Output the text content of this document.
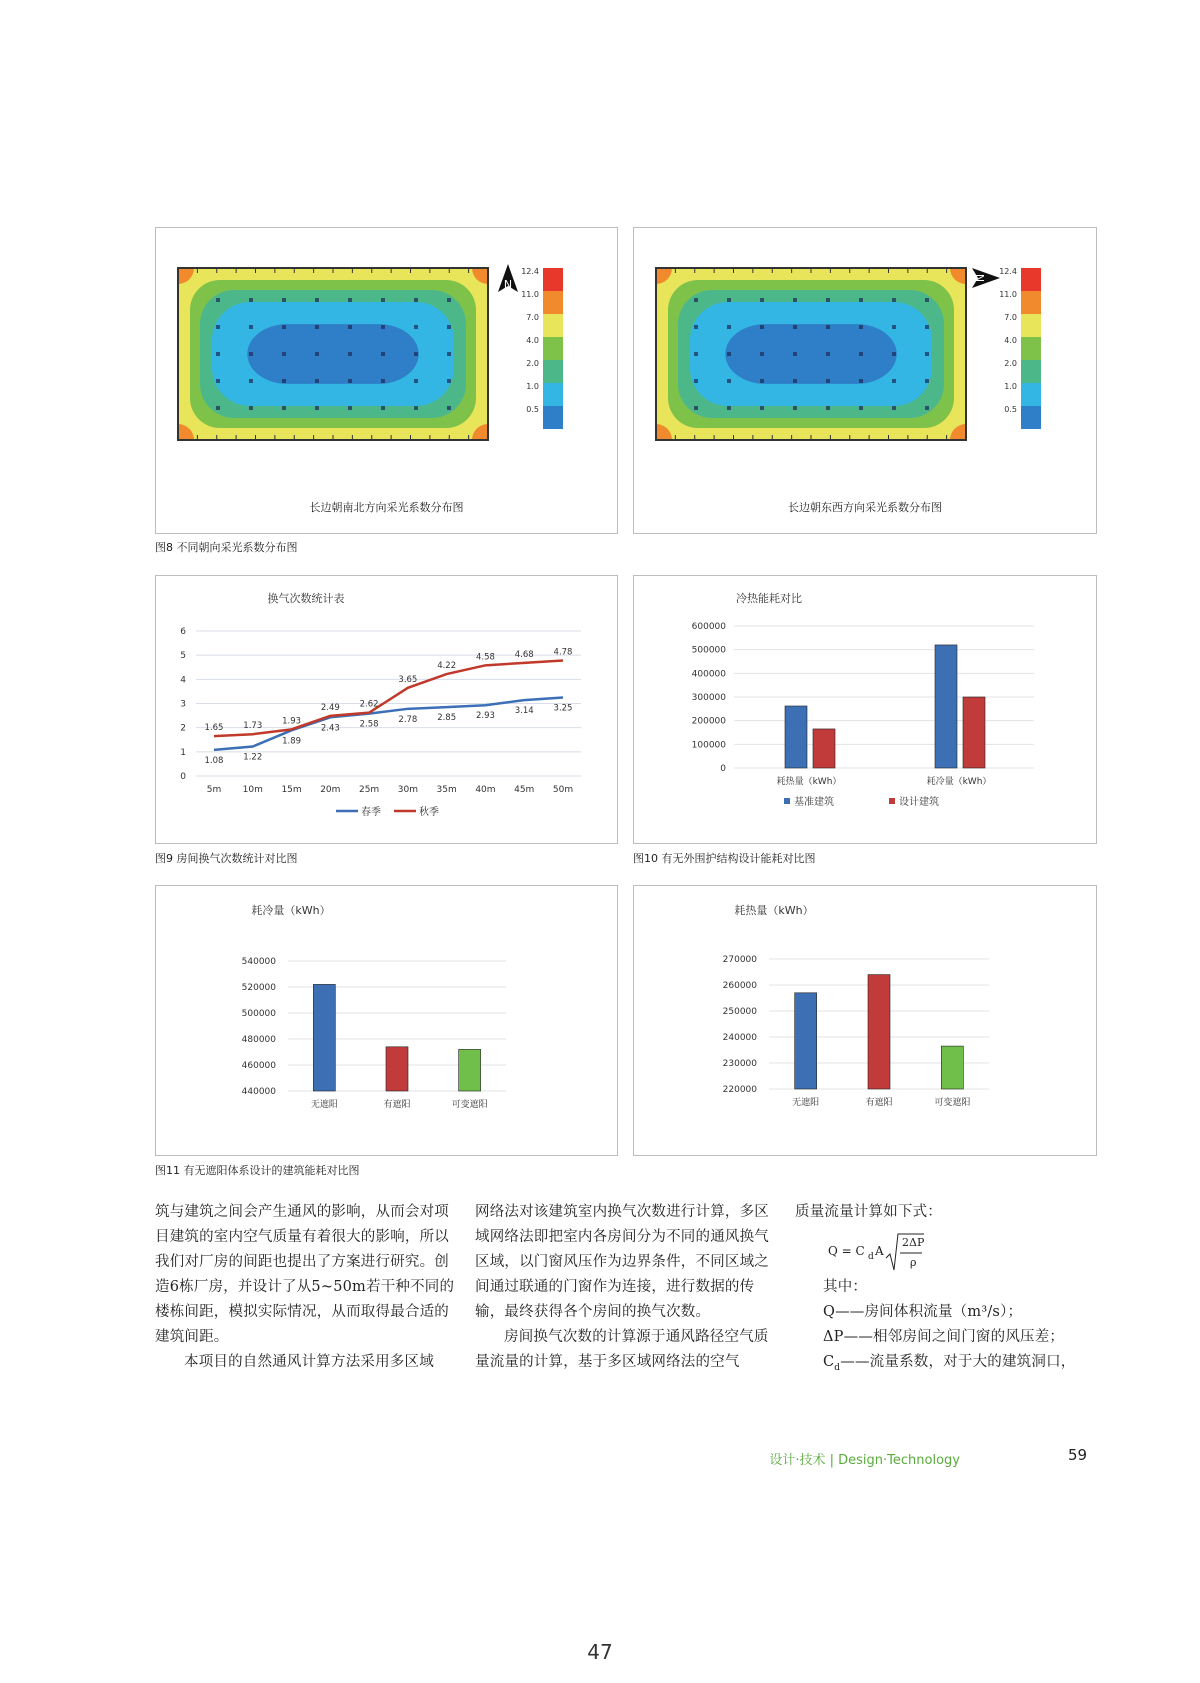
N
12.4
11.0
7.0
4.0
2.0
1.0
0.5
长边朝南北方向采光系数分布图
N
12.4
11.0
7.0
4.0
2.0
1.0
0.5
长边朝东西方向采光系数分布图
图8 不同朝向采光系数分布图
换气次数统计表
0
1
2
3
4
5
6
5m 10m 15m 20m 25m 30m 35m 40m 45m 50m
1.08 1.22
1.89
2.43 2.58 2.78 2.85 2.93
3.14 3.25
1.65 1.73 1.93
2.49 2.62
3.65
4.22
4.58 4.68 4.78
春季	秋季
图9 房间换气次数统计对比图
冷热能耗对比
0
100000
200000
300000
400000
500000
600000
耗热量（kWh）	耗冷量（kWh）
基准建筑	设计建筑
图10 有无外围护结构设计能耗对比图
耗冷量（kWh）
440000
460000
480000
500000
520000
540000
无遮阳	有遮阳	可变遮阳
耗热量（kWh）
220000
230000
240000
250000
260000
270000
无遮阳	有遮阳	可变遮阳
图11 有无遮阳体系设计的建筑能耗对比图

筑与建筑之间会产生通风的影响，从而会对项目建筑的室内空气质量有着很大的影响，所以我们对厂房的间距也提出了方案进行研究。创造6栋厂房，并设计了从5~50m若干种不同的楼栋间距，模拟实际情况，从而取得最合适的建筑间距。

本项目的自然通风计算方法采用多区域

网络法对该建筑室内换气次数进行计算，多区域网络法即把室内各房间分为不同的通风换气区域，以门窗风压作为边界条件，不同区域之间通过联通的门窗作为连接，进行数据的传输，最终获得各个房间的换气次数。

房间换气次数的计算源于通风路径空气质量流量的计算，基于多区域网络法的空气

质量流量计算如下式：

Q = C d A
2ΔP
ρ

其中：

Q——房间体积流量（m³/s）；

ΔP——相邻房间之间门窗的风压差；

$C_d——$流量系数，对于大的建筑洞口，

设计·技术 | Design·Technology	59
47
